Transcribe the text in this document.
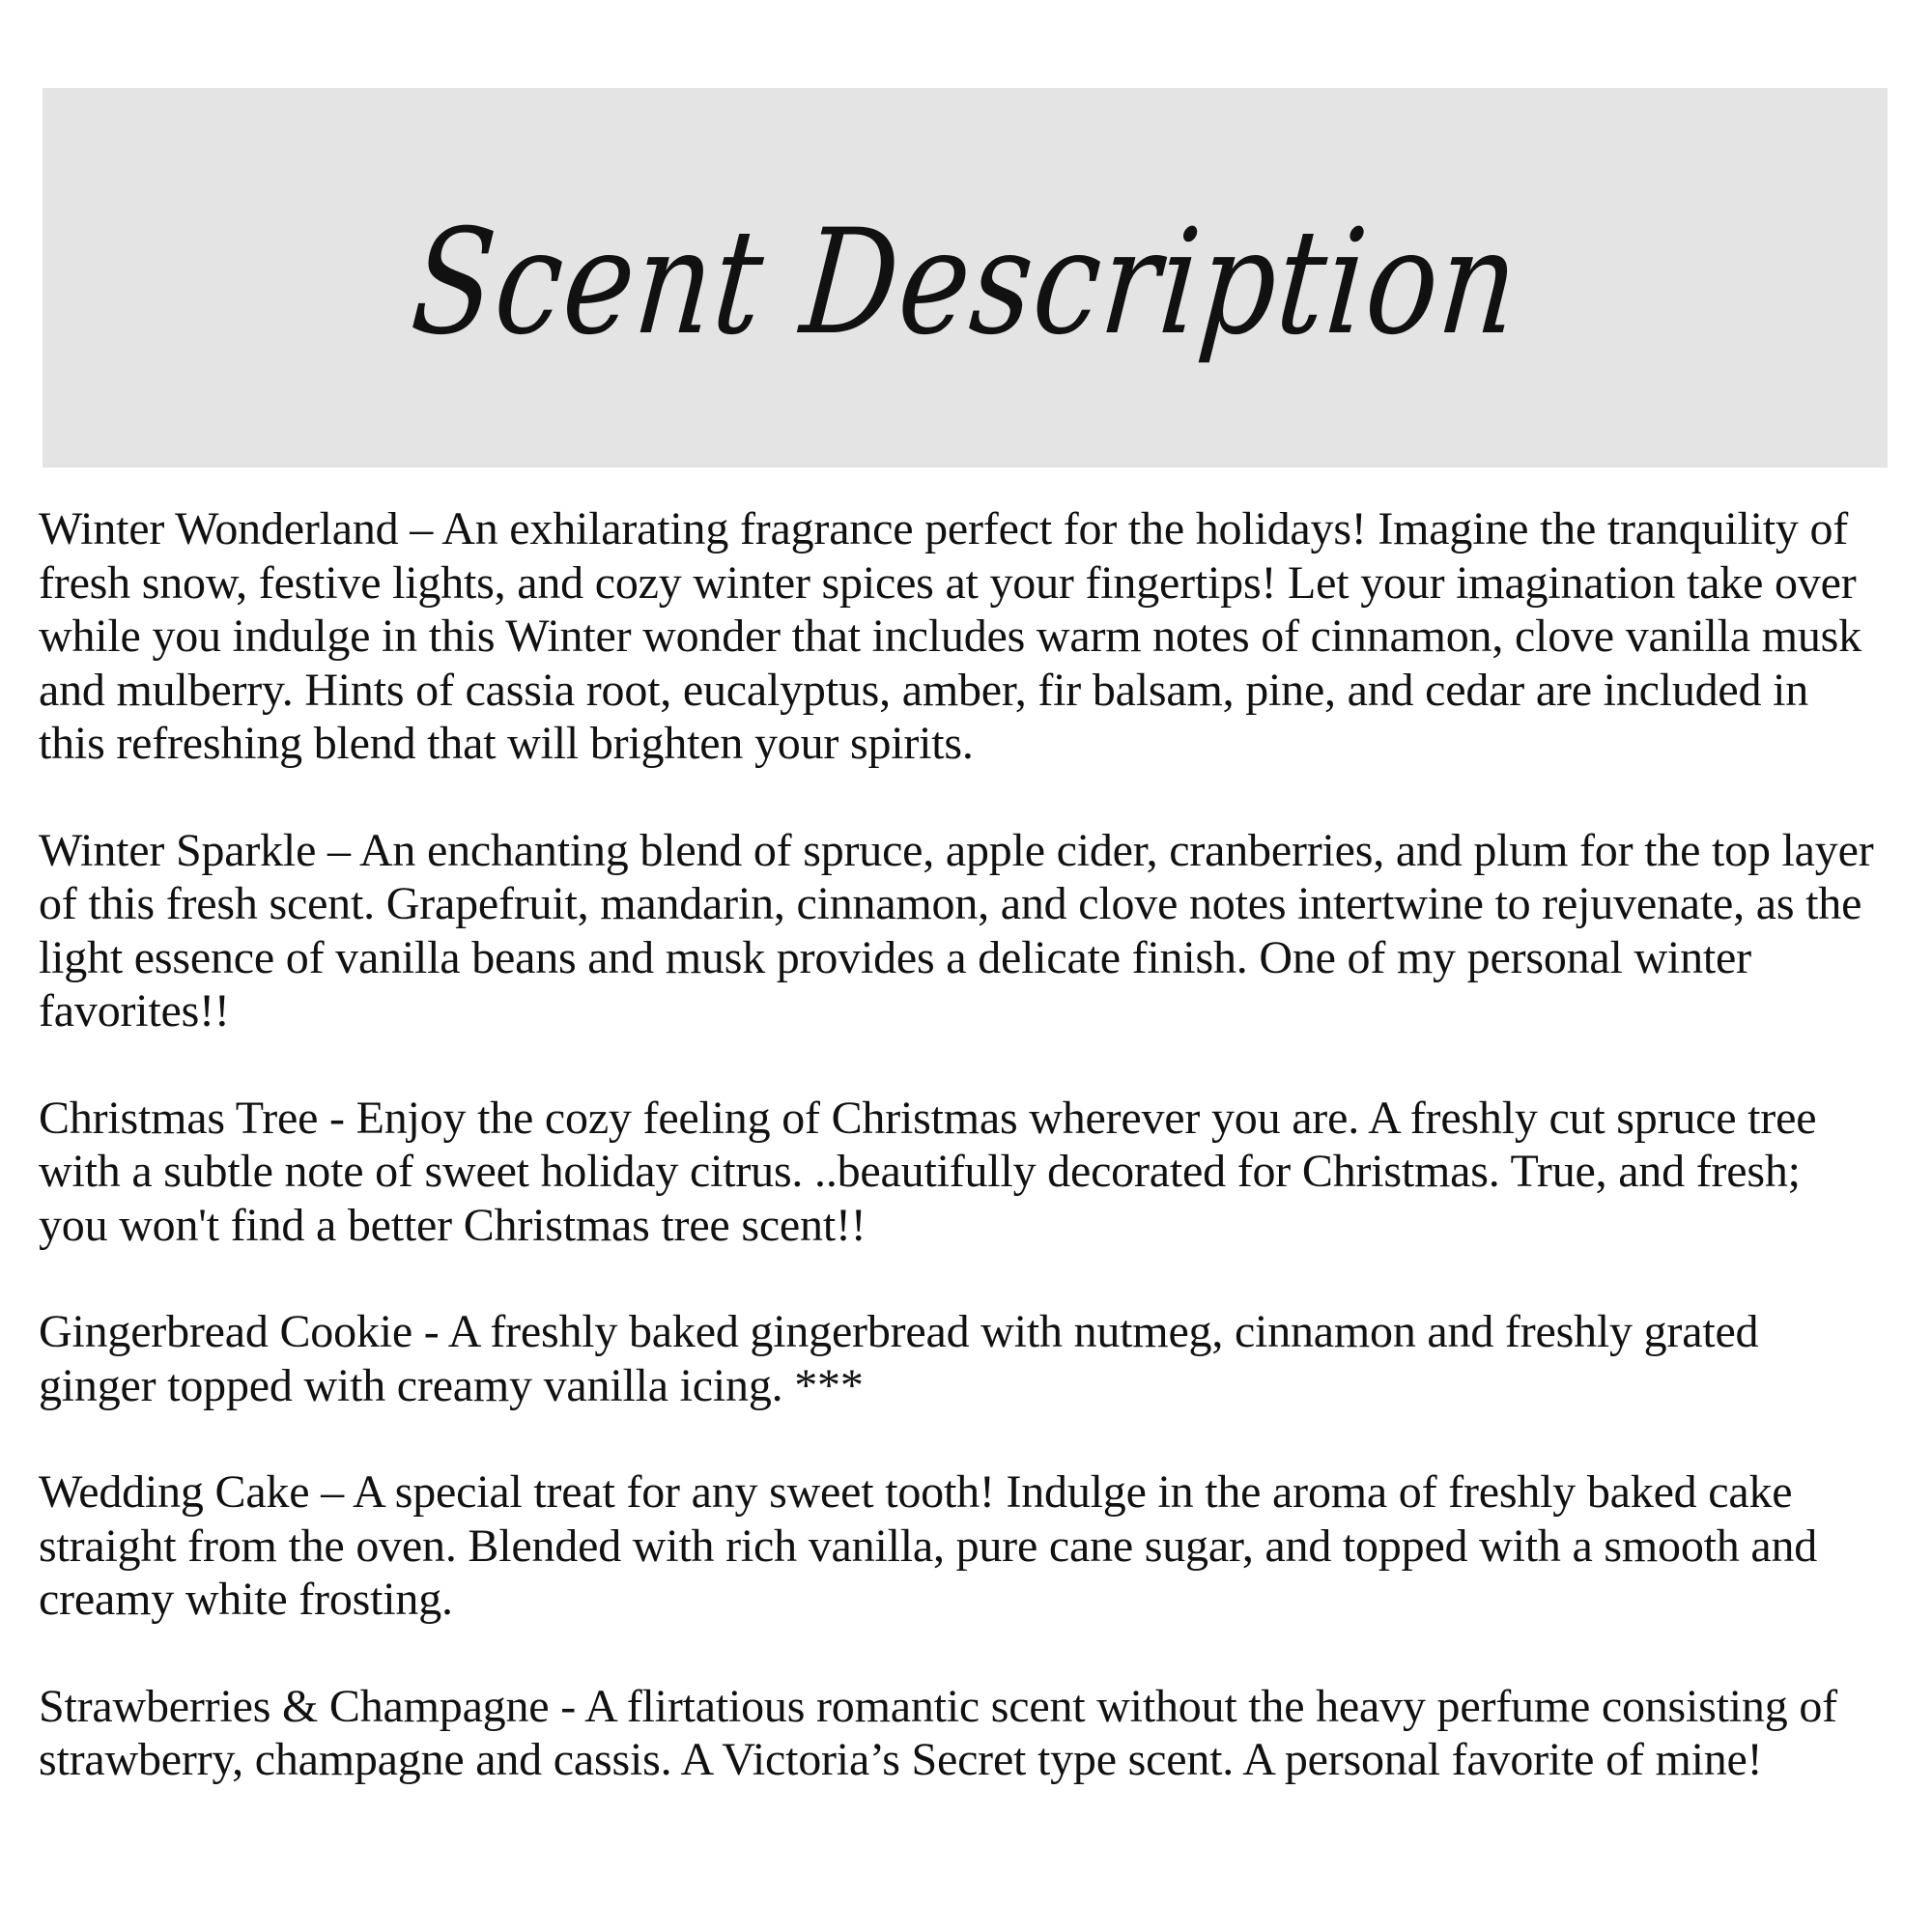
Scent Description

Winter Wonderland – An exhilarating fragrance perfect for the holidays! Imagine the tranquility of fresh snow, festive lights, and cozy winter spices at your fingertips! Let your imagination take over while you indulge in this Winter wonder that includes warm notes of cinnamon, clove vanilla musk and mulberry. Hints of cassia root, eucalyptus, amber, fir balsam, pine, and cedar are included in this refreshing blend that will brighten your spirits.

Winter Sparkle – An enchanting blend of spruce, apple cider, cranberries, and plum for the top layer of this fresh scent. Grapefruit, mandarin, cinnamon, and clove notes intertwine to rejuvenate, as the light essence of vanilla beans and musk provides a delicate finish. One of my personal winter favorites!!

Christmas Tree - Enjoy the cozy feeling of Christmas wherever you are. A freshly cut spruce tree with a subtle note of sweet holiday citrus. ..beautifully decorated for Christmas. True, and fresh; you won't find a better Christmas tree scent!!

Gingerbread Cookie - A freshly baked gingerbread with nutmeg, cinnamon and freshly grated ginger topped with creamy vanilla icing. ***

Wedding Cake – A special treat for any sweet tooth! Indulge in the aroma of freshly baked cake straight from the oven. Blended with rich vanilla, pure cane sugar, and topped with a smooth and creamy white frosting.

Strawberries & Champagne - A flirtatious romantic scent without the heavy perfume consisting of strawberry, champagne and cassis. A Victoria’s Secret type scent. A personal favorite of mine!
